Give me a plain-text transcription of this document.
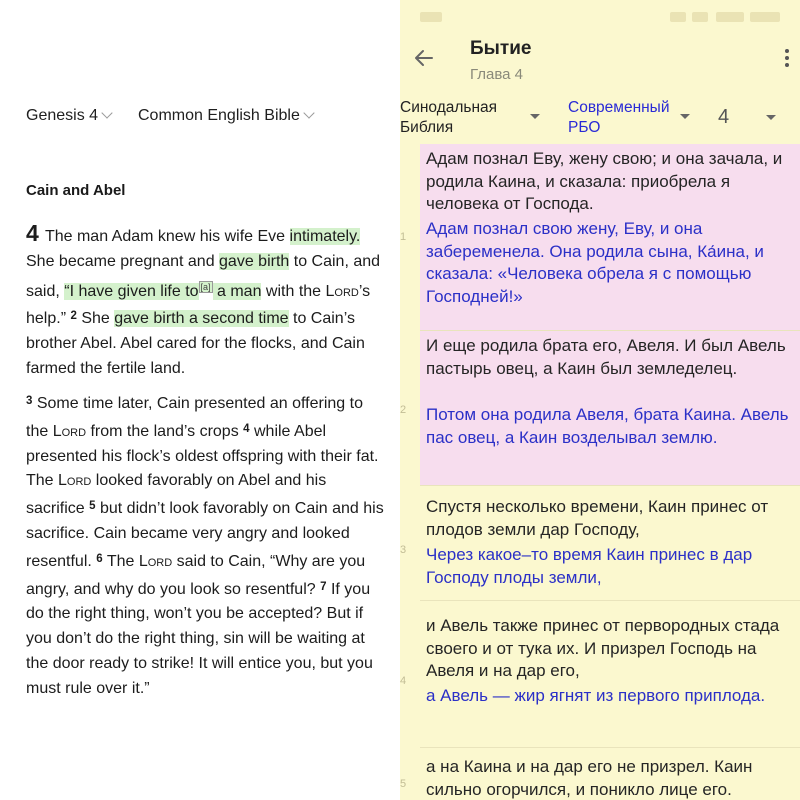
Genesis 4	Common English Bible
Cain and Abel
4 The man Adam knew his wife Eve intimately. She became pregnant and gave birth to Cain, and said, “I have given life to [a] a man with the Lord’s help.” $^2$ She gave birth a second time to Cain’s brother Abel. Abel cared for the flocks, and Cain farmed the fertile land.
$^3$ Some time later, Cain presented an offering to the Lord from the land’s crops $^4$ while Abel presented his flock’s oldest offspring with their fat. The Lord looked favorably on Abel and his sacrifice $^5$ but didn’t look favorably on Cain and his sacrifice. Cain became very angry and looked resentful. $^6$ The Lord said to Cain, “Why are you angry, and why do you look so resentful? $^7$ If you do the right thing, won’t you be accepted? But if you don’t do the right thing, sin will be waiting at the door ready to strike! It will entice you, but you must rule over it.”
Бытие
Глава 4
Синодальная Библия
Современный РБО	4
1
Адам познал Еву, жену свою; и она зачала, и родила Каина, и сказала: приобрела я человека от Господа.
Адам познал свою жену, Еву, и она забеременела. Она родила сына, Ка́ина, и сказала: «Человека обрела я с помощью Господней!»
2
И еще родила брата его, Авеля. И был Авель пастырь овец, а Каин был земледелец.
Потом она родила Авеля, брата Каина. Авель пас овец, а Каин возделывал землю.
3
Спустя несколько времени, Каин принес от плодов земли дар Господу,
Через какое–то время Каин принес в дар Господу плоды земли,
4
и Авель также принес от первородных стада своего и от тука их. И призрел Господь на Авеля и на дар его,
а Авель — жир ягнят из первого приплода.
5
а на Каина и на дар его не призрел. Каин сильно огорчился, и поникло лице его.
